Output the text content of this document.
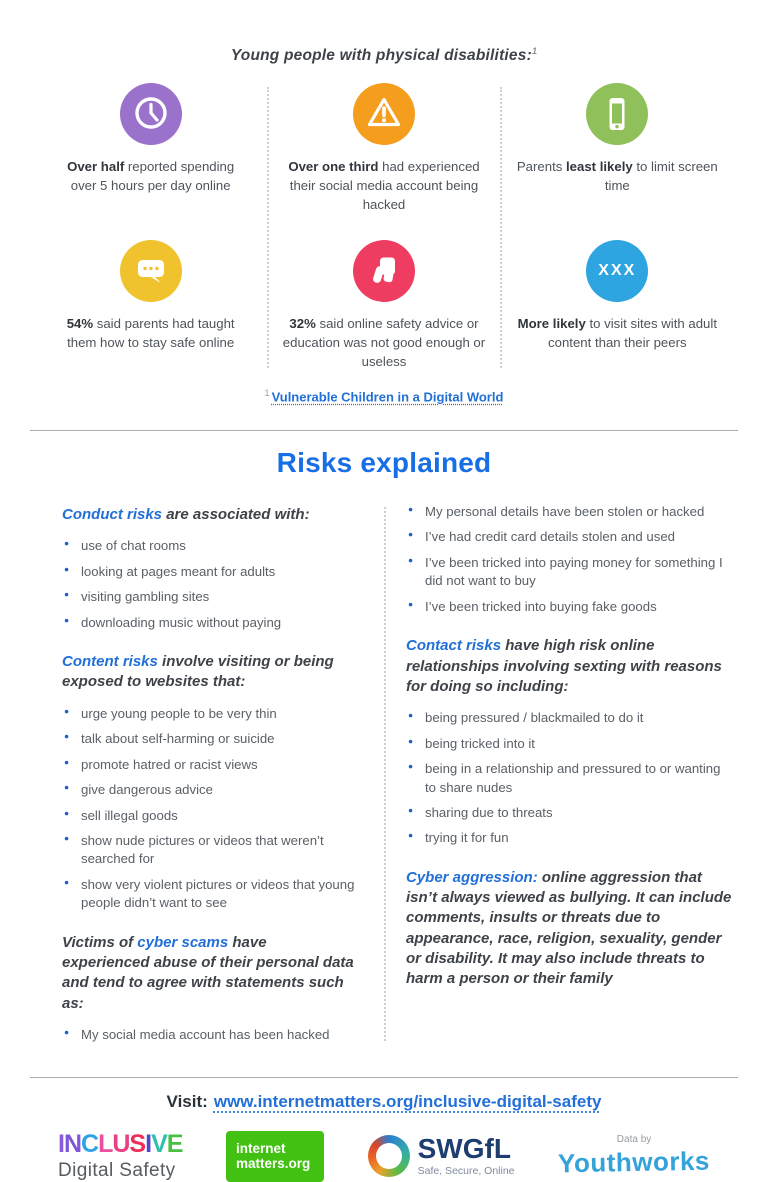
Young people with physical disabilities:$^1$

Over half reported spending over 5 hours per day online

Over one third had experienced their social media account being hacked

Parents least likely to limit screen time

54% said parents had taught them how to stay safe online

32% said online safety advice or education was not good enough or useless

XXX

More likely to visit sites with adult content than their peers

$^1$ Vulnerable Children in a Digital World
Risks explained

Conduct risks are associated with:

● use of chat rooms
● looking at pages meant for adults
● visiting gambling sites
● downloading music without paying

Content risks involve visiting or being exposed to websites that:

● urge young people to be very thin
● talk about self-harming or suicide
● promote hatred or racist views
● give dangerous advice
● sell illegal goods
● show nude pictures or videos that weren’t searched for
● show very violent pictures or videos that young people didn’t want to see

Victims of cyber scams have experienced abuse of their personal data and tend to agree with statements such as:

● My social media account has been hacked
● My personal details have been stolen or hacked
● I’ve had credit card details stolen and used
● I’ve been tricked into paying money for something I did not want to buy
● I’ve been tricked into buying fake goods

Contact risks have high risk online relationships involving sexting with reasons for doing so including:

● being pressured / blackmailed to do it
● being tricked into it
● being in a relationship and pressured to or wanting to share nudes
● sharing due to threats
● trying it for fun

Cyber aggression: online aggression that isn’t always viewed as bullying. It can include comments, insults or threats due to appearance, race, religion, sexuality, gender or disability. It may also include threats to harm a person or their family

Visit: www.internetmatters.org/inclusive-digital-safety
INCLUSIVE
Digital Safety
internet
matters.org	SWGfL
Safe, Secure, Online
Data by
Youthworks
